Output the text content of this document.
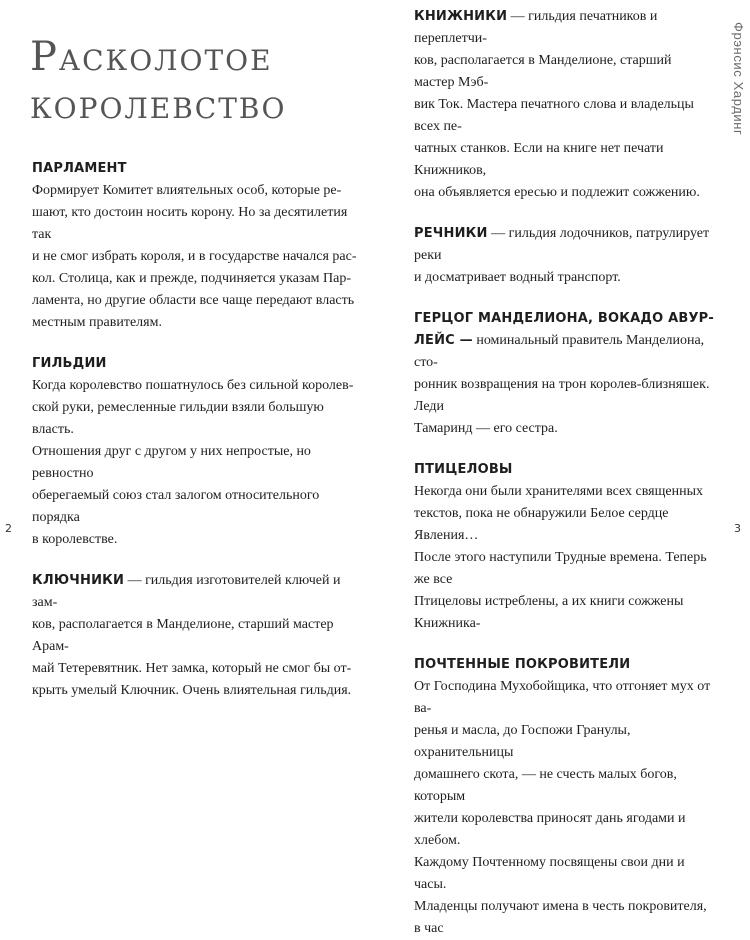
Расколотое
королевство
ПАРЛАМЕНТ
Формирует Комитет влиятельных особ, которые ре-
шают, кто достоин носить корону. Но за десятилетия так
и не смог избрать короля, и в государстве начался рас-
кол. Столица, как и прежде, подчиняется указам Пар-
ламента, но другие области все чаще передают власть
местным правителям.
ГИЛЬДИИ
Когда королевство пошатнулось без сильной королев-
ской руки, ремесленные гильдии взяли большую власть.
Отношения друг с другом у них непростые, но ревностно
оберегаемый союз стал залогом относительного порядка
в королевстве.
КЛЮЧНИКИ — гильдия изготовителей ключей и зам-
ков, располагается в Манделионе, старший мастер Арам-
май Тетеревятник. Нет замка, который не смог бы от-
крыть умелый Ключник. Очень влиятельная гильдия.
КНИЖНИКИ — гильдия печатников и переплетчи-
ков, располагается в Манделионе, старший мастер Мэб-
вик Ток. Мастера печатного слова и владельцы всех пе-
чатных станков. Если на книге нет печати Книжников,
она объявляется ересью и подлежит сожжению.
РЕЧНИКИ — гильдия лодочников, патрулирует реки
и досматривает водный транспорт.
ГЕРЦОГ МАНДЕЛИОНА, ВОКАДО АВУР-
ЛЕЙС — номинальный правитель Манделиона, сто-
ронник возвращения на трон королев-близняшек. Леди
Тамаринд — его сестра.
ПТИЦЕЛОВЫ
Некогда они были хранителями всех священных
текстов, пока не обнаружили Белое сердце Явления…
После этого наступили Трудные времена. Теперь же все
Птицеловы истреблены, а их книги сожжены Книжника-
ПОЧТЕННЫЕ ПОКРОВИТЕЛИ
От Господина Мухобойщика, что отгоняет мух от ва-
ренья и масла, до Госпожи Гранулы, охранительницы
домашнего скота, — не счесть малых богов, которым
жители королевства приносят дань ягодами и хлебом.
Каждому Почтенному посвящены свои дни и часы.
Младенцы получают имена в честь покровителя, в час
Фрэнсис Хардинг
2	3
